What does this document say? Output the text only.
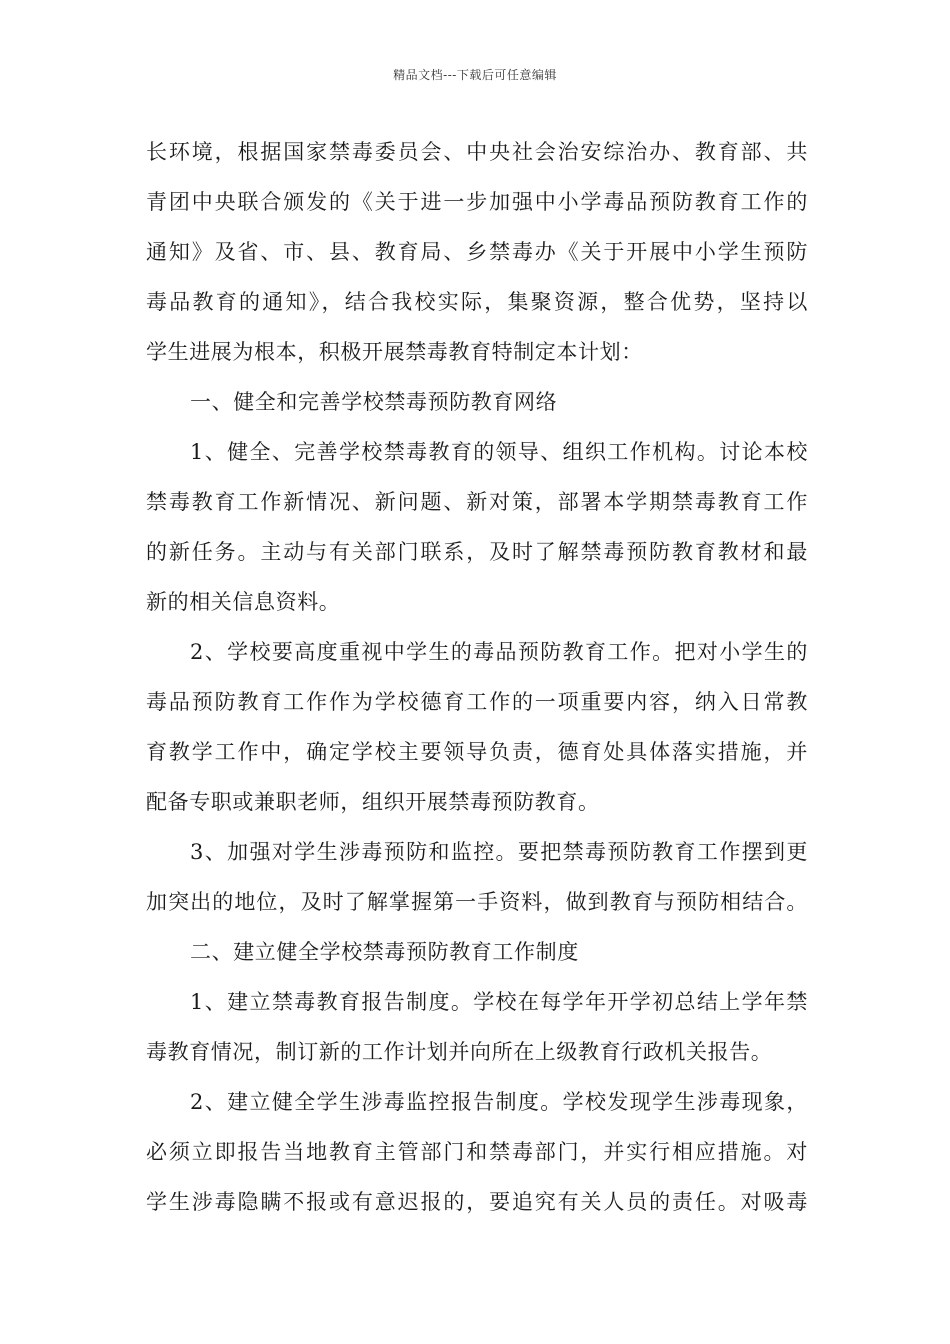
精品文档---下载后可任意编辑
长环境，根据国家禁毒委员会、中央社会治安综治办、教育部、共
青团中央联合颁发的《关于进一步加强中小学毒品预防教育工作的
通知》及省、市、县、教育局、乡禁毒办《关于开展中小学生预防
毒品教育的通知》，结合我校实际，集聚资源，整合优势，坚持以
学生进展为根本，积极开展禁毒教育特制定本计划：
一、健全和完善学校禁毒预防教育网络
1、健全、完善学校禁毒教育的领导、组织工作机构。讨论本校
禁毒教育工作新情况、新问题、新对策，部署本学期禁毒教育工作
的新任务。主动与有关部门联系，及时了解禁毒预防教育教材和最
新的相关信息资料。
2、学校要高度重视中学生的毒品预防教育工作。把对小学生的
毒品预防教育工作作为学校德育工作的一项重要内容，纳入日常教
育教学工作中，确定学校主要领导负责，德育处具体落实措施，并
配备专职或兼职老师，组织开展禁毒预防教育。
3、加强对学生涉毒预防和监控。要把禁毒预防教育工作摆到更
加突出的地位，及时了解掌握第一手资料，做到教育与预防相结合。
二、建立健全学校禁毒预防教育工作制度
1、建立禁毒教育报告制度。学校在每学年开学初总结上学年禁
毒教育情况，制订新的工作计划并向所在上级教育行政机关报告。
2、建立健全学生涉毒监控报告制度。学校发现学生涉毒现象，
必须立即报告当地教育主管部门和禁毒部门，并实行相应措施。对
学生涉毒隐瞒不报或有意迟报的，要追究有关人员的责任。对吸毒
